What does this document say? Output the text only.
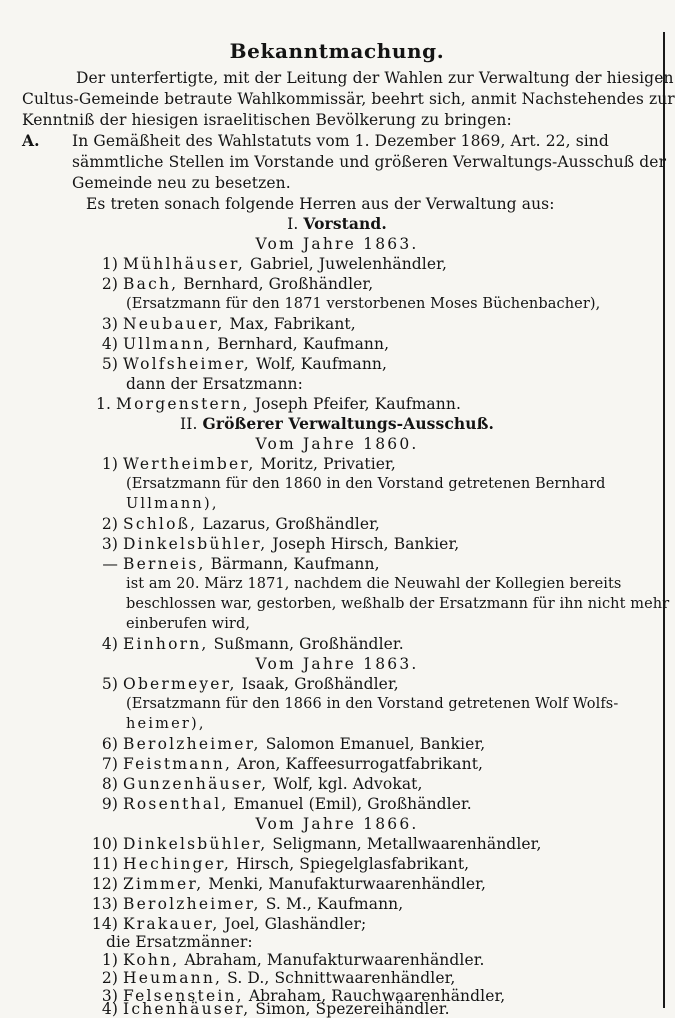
Bekanntmachung.
Der unterfertigte, mit der Leitung der Wahlen zur Verwaltung der hiesigen
Cultus-Gemeinde betraute Wahlkommissär, beehrt sich, anmit Nachstehendes zur
Kenntniß der hiesigen israelitischen Bevölkerung zu bringen:
A. In Gemäßheit des Wahlstatuts vom 1. Dezember 1869, Art. 22, sind
sämmtliche Stellen im Vorstande und größeren Verwaltungs-Ausschuß der
Gemeinde neu zu besetzen.
Es treten sonach folgende Herren aus der Verwaltung aus:
I. Vorstand.
Vom Jahre 1863.
1) Mühlhäuser, Gabriel, Juwelenhändler,
2) Bach, Bernhard, Großhändler,
(Ersatzmann für den 1871 verstorbenen Moses Büchenbacher),
3) Neubauer, Max, Fabrikant,
4) Ullmann, Bernhard, Kaufmann,
5) Wolfsheimer, Wolf, Kaufmann,
dann der Ersatzmann:
1. Morgenstern, Joseph Pfeifer, Kaufmann.
II. Größerer Verwaltungs-Ausschuß.
Vom Jahre 1860.
1) Wertheimber, Moritz, Privatier,
(Ersatzmann für den 1860 in den Vorstand getretenen Bernhard
Ullmann),
2) Schloß, Lazarus, Großhändler,
3) Dinkelsbühler, Joseph Hirsch, Bankier,
— Berneis, Bärmann, Kaufmann,
ist am 20. März 1871, nachdem die Neuwahl der Kollegien bereits
beschlossen war, gestorben, weßhalb der Ersatzmann für ihn nicht mehr
einberufen wird,
4) Einhorn, Sußmann, Großhändler.
Vom Jahre 1863.
5) Obermeyer, Isaak, Großhändler,
(Ersatzmann für den 1866 in den Vorstand getretenen Wolf Wolfs-
heimer),
6) Berolzheimer, Salomon Emanuel, Bankier,
7) Feistmann, Aron, Kaffeesurrogatfabrikant,
8) Gunzenhäuser, Wolf, kgl. Advokat,
9) Rosenthal, Emanuel (Emil), Großhändler.
Vom Jahre 1866.
10) Dinkelsbühler, Seligmann, Metallwaarenhändler,
11) Hechinger, Hirsch, Spiegelglasfabrikant,
12) Zimmer, Menki, Manufakturwaarenhändler,
13) Berolzheimer, S. M., Kaufmann,
14) Krakauer, Joel, Glashändler;
die Ersatzmänner:
1) Kohn, Abraham, Manufakturwaarenhändler.
2) Heumann, S. D., Schnittwaarenhändler,
3) Felsenstein, Abraham, Rauchwaarenhändler,
4) Ichenhäuser, Simon, Spezereihändler.
